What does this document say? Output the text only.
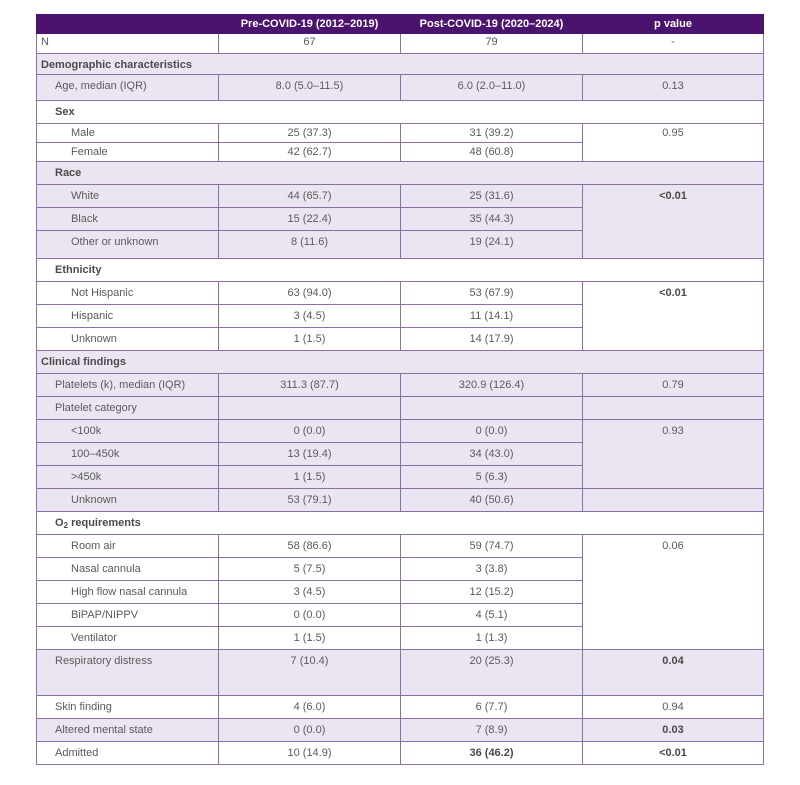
	Pre-COVID-19 (2012–2019)	Post-COVID-19 (2020–2024)	p value
N	67	79	-
Demographic characteristics			
Age, median (IQR)	8.0 (5.0–11.5)	6.0 (2.0–11.0)	0.13
Sex			
Male	25 (37.3)	31 (39.2)	0.95
Female	42 (62.7)	48 (60.8)	
Race			
White	44 (65.7)	25 (31.6)	<0.01
Black	15 (22.4)	35 (44.3)	
Other or unknown	8 (11.6)	19 (24.1)	
Ethnicity			
Not Hispanic	63 (94.0)	53 (67.9)	<0.01
Hispanic	3 (4.5)	11 (14.1)	
Unknown	1 (1.5)	14 (17.9)	
Clinical findings			
Platelets (k), median (IQR)	311.3 (87.7)	320.9 (126.4)	0.79
Platelet category			
<100k	0 (0.0)	0 (0.0)	0.93
100–450k	13 (19.4)	34 (43.0)	
>450k	1 (1.5)	5 (6.3)	
Unknown	53 (79.1)	40 (50.6)	
$O_2$ requirements			
Room air	58 (86.6)	59 (74.7)	0.06
Nasal cannula	5 (7.5)	3 (3.8)	
High flow nasal cannula	3 (4.5)	12 (15.2)	
BiPAP/NIPPV	0 (0.0)	4 (5.1)	
Ventilator	1 (1.5)	1 (1.3)	
Respiratory distress	7 (10.4)	20 (25.3)	0.04
Skin finding	4 (6.0)	6 (7.7)	0.94
Altered mental state	0 (0.0)	7 (8.9)	0.03
Admitted	10 (14.9)	36 (46.2)	<0.01
